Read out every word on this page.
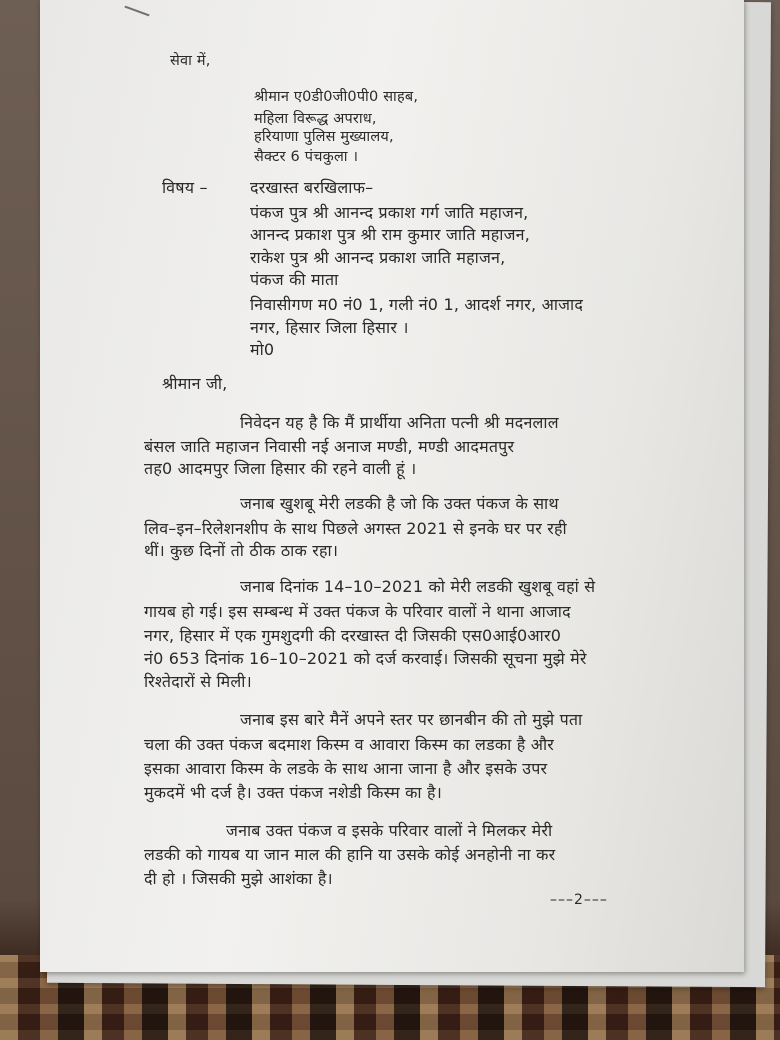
सेवा में,
श्रीमान ए0डी0जी0पी0 साहब,
महिला विरूद्ध अपराध,
हरियाणा पुलिस मुख्यालय,
सैक्टर 6 पंचकुला ।
विषय –	दरखास्त बरखिलाफ–
पंकज पुत्र श्री आनन्द प्रकाश गर्ग जाति महाजन,
आनन्द प्रकाश पुत्र श्री राम कुमार जाति महाजन,
राकेश पुत्र श्री आनन्द प्रकाश जाति महाजन,
पंकज की माता
निवासीगण म0 नं0 1, गली नं0 1, आदर्श नगर, आजाद
नगर, हिसार जिला हिसार ।
मो0
श्रीमान जी,
निवेदन यह है कि मैं प्रार्थीया अनिता पत्नी श्री मदनलाल
बंसल जाति महाजन निवासी नई अनाज मण्डी, मण्डी आदमतपुर
तह0 आदमपुर जिला हिसार की रहने वाली हूं ।
जनाब खुशबू मेरी लडकी है जो कि उक्त पंकज के साथ
लिव–इन–रिलेशनशीप के साथ पिछले अगस्त 2021 से इनके घर पर रही
थीं। कुछ दिनों तो ठीक ठाक रहा।
जनाब दिनांक 14–10–2021 को मेरी लडकी खुशबू वहां से
गायब हो गई। इस सम्बन्ध में उक्त पंकज के परिवार वालों ने थाना आजाद
नगर, हिसार में एक गुमशुदगी की दरखास्त दी जिसकी एस0आई0आर0
नं0 653 दिनांक 16–10–2021 को दर्ज करवाई। जिसकी सूचना मुझे मेरे
रिश्तेदारों से मिली।
जनाब इस बारे मैनें अपने स्तर पर छानबीन की तो मुझे पता
चला की उक्त पंकज बदमाश किस्म व आवारा किस्म का लडका है और
इसका आवारा किस्म के लडके के साथ आना जाना है और इसके उपर
मुकदमें भी दर्ज है। उक्त पंकज नशेडी किस्म का है।
जनाब उक्त पंकज व इसके परिवार वालों ने मिलकर मेरी
लडकी को गायब या जान माल की हानि या उसके कोई अनहोनी ना कर
दी हो । जिसकी मुझे आशंका है।
–––2–––
